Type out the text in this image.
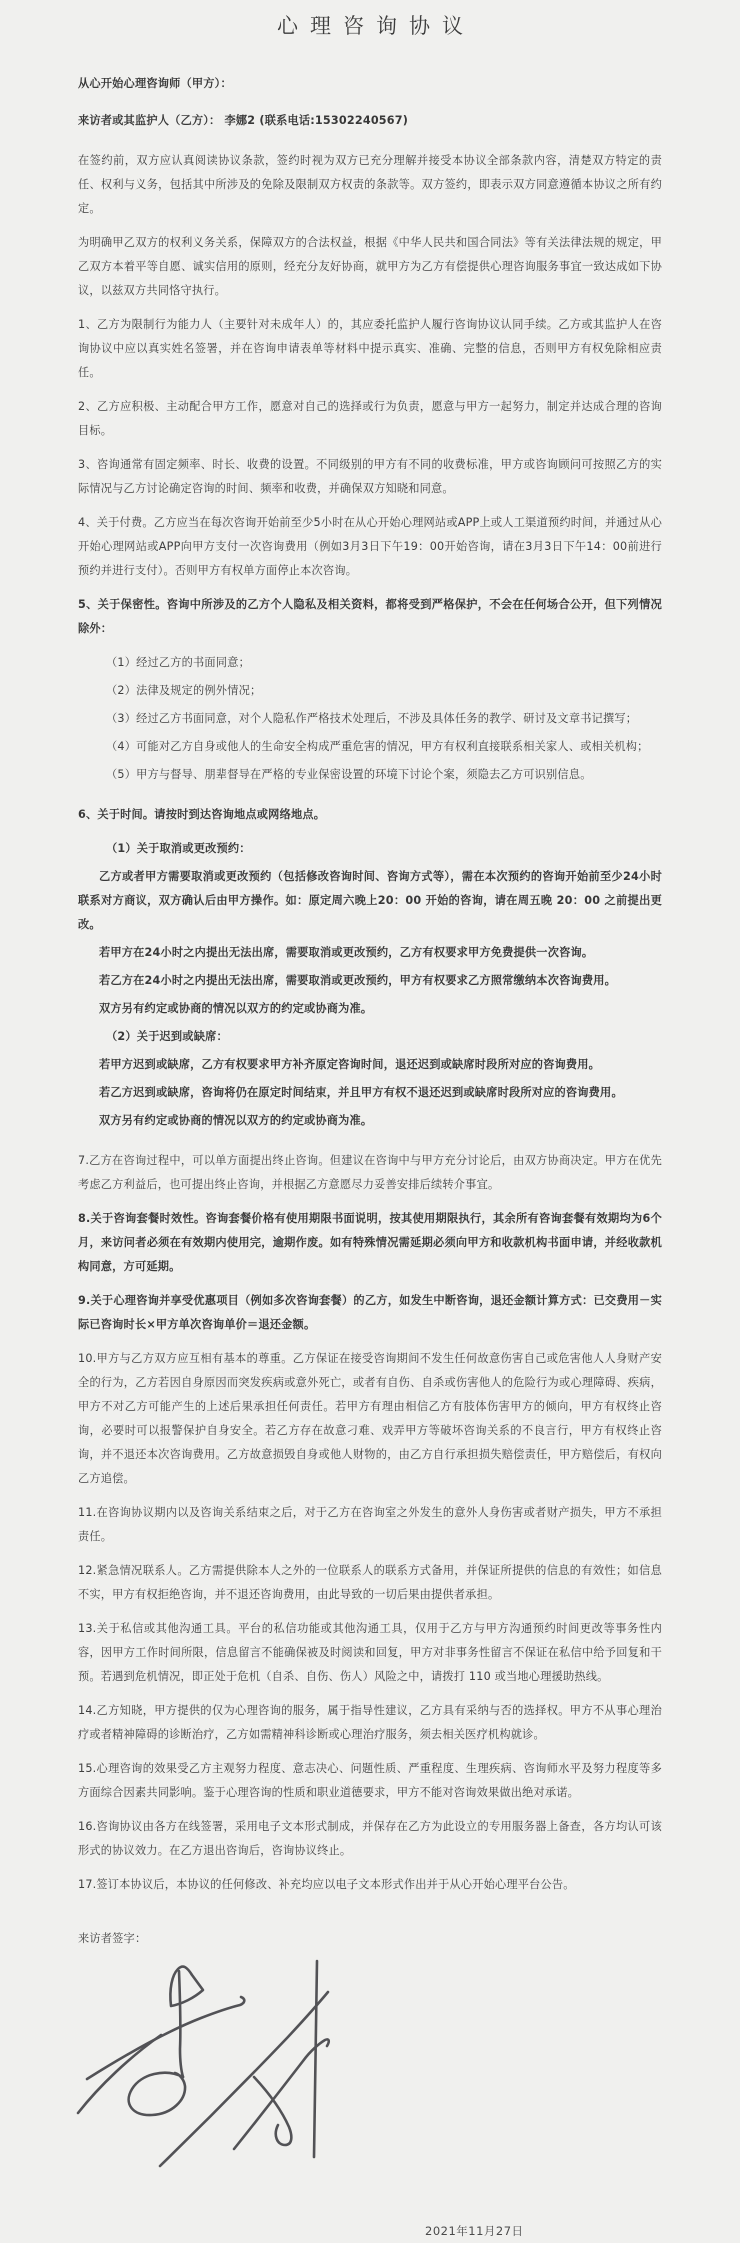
心理咨询协议

从心开始心理咨询师（甲方）：

来访者或其监护人（乙方）： 李娜2 (联系电话:15302240567)

在签约前，双方应认真阅读协议条款，签约时视为双方已充分理解并接受本协议全部条款内容，清楚双方特定的责任、权利与义务，包括其中所涉及的免除及限制双方权责的条款等。双方签约，即表示双方同意遵循本协议之所有约定。

为明确甲乙双方的权利义务关系，保障双方的合法权益，根据《中华人民共和国合同法》等有关法律法规的规定，甲乙双方本着平等自愿、诚实信用的原则，经充分友好协商，就甲方为乙方有偿提供心理咨询服务事宜一致达成如下协议，以兹双方共同恪守执行。

1、乙方为限制行为能力人（主要针对未成年人）的，其应委托监护人履行咨询协议认同手续。乙方或其监护人在咨询协议中应以真实姓名签署，并在咨询申请表单等材料中提示真实、准确、完整的信息，否则甲方有权免除相应责任。

2、乙方应积极、主动配合甲方工作，愿意对自己的选择或行为负责，愿意与甲方一起努力，制定并达成合理的咨询目标。

3、咨询通常有固定频率、时长、收费的设置。不同级别的甲方有不同的收费标准，甲方或咨询顾问可按照乙方的实际情况与乙方讨论确定咨询的时间、频率和收费，并确保双方知晓和同意。

4、关于付费。乙方应当在每次咨询开始前至少5小时在从心开始心理网站或APP上或人工渠道预约时间，并通过从心开始心理网站或APP向甲方支付一次咨询费用（例如3月3日下午19：00开始咨询，请在3月3日下午14：00前进行预约并进行支付）。否则甲方有权单方面停止本次咨询。

5、关于保密性。咨询中所涉及的乙方个人隐私及相关资料，都将受到严格保护，不会在任何场合公开，但下列情况除外：

（1）经过乙方的书面同意；

（2）法律及规定的例外情况；

（3）经过乙方书面同意，对个人隐私作严格技术处理后，不涉及具体任务的教学、研讨及文章书记撰写；

（4）可能对乙方自身或他人的生命安全构成严重危害的情况，甲方有权利直接联系相关家人、或相关机构；

（5）甲方与督导、朋辈督导在严格的专业保密设置的环境下讨论个案，须隐去乙方可识别信息。

6、关于时间。请按时到达咨询地点或网络地点。

（1）关于取消或更改预约：

乙方或者甲方需要取消或更改预约（包括修改咨询时间、咨询方式等），需在本次预约的咨询开始前至少24小时联系对方商议，双方确认后由甲方操作。如：原定周六晚上20：00 开始的咨询，请在周五晚 20：00 之前提出更改。

若甲方在24小时之内提出无法出席，需要取消或更改预约，乙方有权要求甲方免费提供一次咨询。

若乙方在24小时之内提出无法出席，需要取消或更改预约，甲方有权要求乙方照常缴纳本次咨询费用。

双方另有约定或协商的情况以双方的约定或协商为准。

（2）关于迟到或缺席：

若甲方迟到或缺席，乙方有权要求甲方补齐原定咨询时间，退还迟到或缺席时段所对应的咨询费用。

若乙方迟到或缺席，咨询将仍在原定时间结束，并且甲方有权不退还迟到或缺席时段所对应的咨询费用。

双方另有约定或协商的情况以双方的约定或协商为准。

7.乙方在咨询过程中，可以单方面提出终止咨询。但建议在咨询中与甲方充分讨论后，由双方协商决定。甲方在优先考虑乙方利益后，也可提出终止咨询，并根据乙方意愿尽力妥善安排后续转介事宜。

8.关于咨询套餐时效性。咨询套餐价格有使用期限书面说明，按其使用期限执行，其余所有咨询套餐有效期均为6个月，来访问者必须在有效期内使用完，逾期作废。如有特殊情况需延期必须向甲方和收款机构书面申请，并经收款机构同意，方可延期。

9.关于心理咨询并享受优惠项目（例如多次咨询套餐）的乙方，如发生中断咨询，退还金额计算方式：已交费用－实际已咨询时长×甲方单次咨询单价＝退还金额。

10.甲方与乙方双方应互相有基本的尊重。乙方保证在接受咨询期间不发生任何故意伤害自己或危害他人人身财产安全的行为，乙方若因自身原因而突发疾病或意外死亡，或者有自伤、自杀或伤害他人的危险行为或心理障碍、疾病，甲方不对乙方可能产生的上述后果承担任何责任。若甲方有理由相信乙方有肢体伤害甲方的倾向，甲方有权终止咨询，必要时可以报警保护自身安全。若乙方存在故意刁难、戏弄甲方等破坏咨询关系的不良言行，甲方有权终止咨询，并不退还本次咨询费用。乙方故意损毁自身或他人财物的，由乙方自行承担损失赔偿责任，甲方赔偿后，有权向乙方追偿。

11.在咨询协议期内以及咨询关系结束之后，对于乙方在咨询室之外发生的意外人身伤害或者财产损失，甲方不承担责任。

12.紧急情况联系人。乙方需提供除本人之外的一位联系人的联系方式备用，并保证所提供的信息的有效性；如信息不实，甲方有权拒绝咨询，并不退还咨询费用，由此导致的一切后果由提供者承担。

13.关于私信或其他沟通工具。平台的私信功能或其他沟通工具，仅用于乙方与甲方沟通预约时间更改等事务性内容，因甲方工作时间所限，信息留言不能确保被及时阅读和回复，甲方对非事务性留言不保证在私信中给予回复和干预。若遇到危机情况，即正处于危机（自杀、自伤、伤人）风险之中，请拨打 110 或当地心理援助热线。

14.乙方知晓，甲方提供的仅为心理咨询的服务，属于指导性建议，乙方具有采纳与否的选择权。甲方不从事心理治疗或者精神障碍的诊断治疗，乙方如需精神科诊断或心理治疗服务，须去相关医疗机构就诊。

15.心理咨询的效果受乙方主观努力程度、意志决心、问题性质、严重程度、生理疾病、咨询师水平及努力程度等多方面综合因素共同影响。鉴于心理咨询的性质和职业道德要求，甲方不能对咨询效果做出绝对承诺。

16.咨询协议由各方在线签署，采用电子文本形式制成，并保存在乙方为此设立的专用服务器上备查，各方均认可该形式的协议效力。在乙方退出咨询后，咨询协议终止。

17.签订本协议后，本协议的任何修改、补充均应以电子文本形式作出并于从心开始心理平台公告。

来访者签字：

2021年11月27日
